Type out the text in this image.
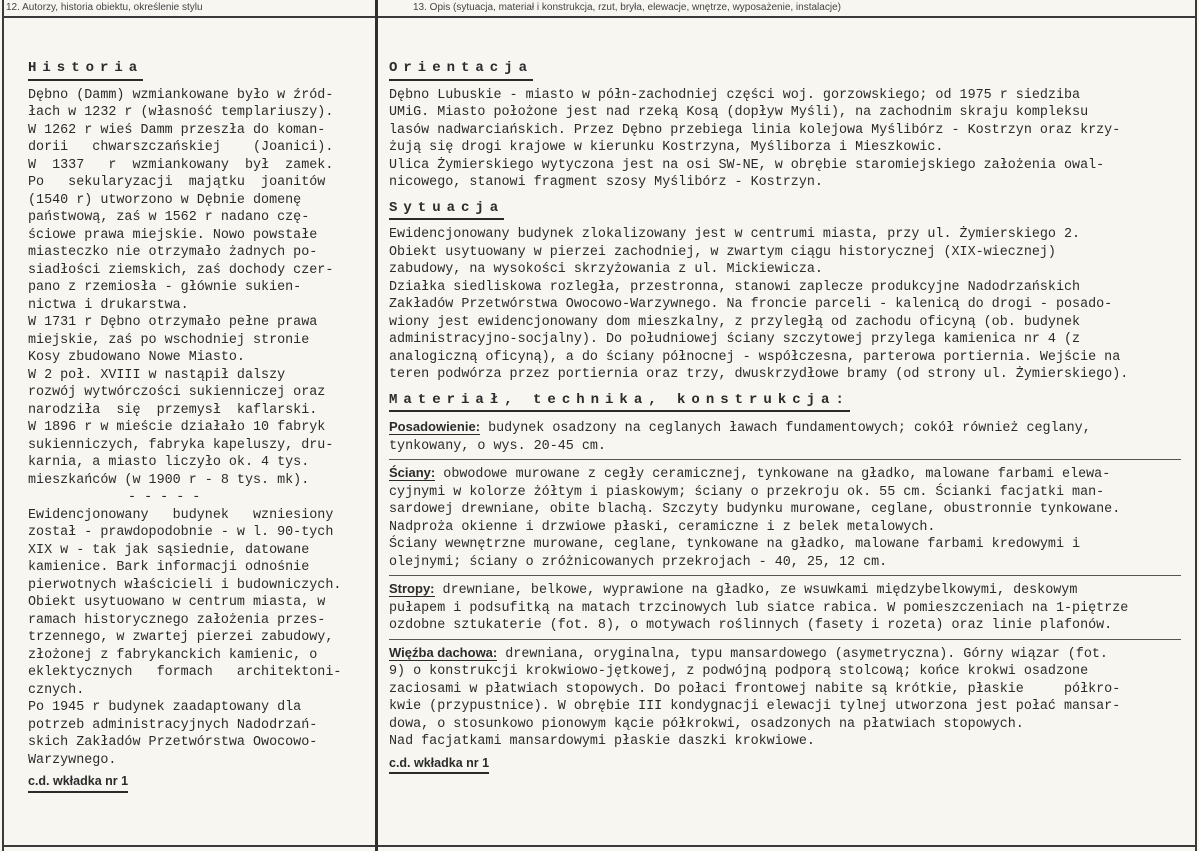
12. Autorzy, historia obiektu, określenie stylu	13. Opis (sytuacja, materiał i konstrukcja, rzut, bryła, elewacje, wnętrze, wyposażenie, instalacje)
Historia
Dębno (Damm) wzmiankowane było w źród-
łach w 1232 r (własność templariuszy).
W 1262 r wieś Damm przeszła do koman-
dorii   chwarszczańskiej    (Joanici).
W  1337   r  wzmiankowany  był  zamek.
Po   sekularyzacji  majątku  joanitów
(1540 r) utworzono w Dębnie domenę
państwową, zaś w 1562 r nadano czę-
ściowe prawa miejskie. Nowo powstałe
miasteczko nie otrzymało żadnych po-
siadłości ziemskich, zaś dochody czer-
pano z rzemiosła - głównie sukien-
nictwa i drukarstwa.
W 1731 r Dębno otrzymało pełne prawa
miejskie, zaś po wschodniej stronie
Kosy zbudowano Nowe Miasto.
W 2 poł. XVIII w nastąpił dalszy
rozwój wytwórczości sukienniczej oraz
narodziła  się  przemysł  kaflarski.
W 1896 r w mieście działało 10 fabryk
sukienniczych, fabryka kapeluszy, dru-
karnia, a miasto liczyło ok. 4 tys.
mieszkańców (w 1900 r - 8 tys. mk).
- - - - -
Ewidencjonowany   budynek   wzniesiony
został - prawdopodobnie - w l. 90-tych
XIX w - tak jak sąsiednie, datowane
kamienice. Bark informacji odnośnie
pierwotnych właścicieli i budowniczych.
Obiekt usytuowano w centrum miasta, w
ramach historycznego założenia przes-
trzennego, w zwartej pierzei zabudowy,
złożonej z fabrykanckich kamienic, o
eklektycznych   formach   architektoni-
cznych.
Po 1945 r budynek zaadaptowany dla
potrzeb administracyjnych Nadodrzań-
skich Zakładów Przetwórstwa Owocowo-
Warzywnego.
c.d. wkładka nr 1
Orientacja
Dębno Lubuskie - miasto w półn-zachodniej części woj. gorzowskiego; od 1975 r siedziba
UMiG. Miasto położone jest nad rzeką Kosą (dopływ Myśli), na zachodnim skraju kompleksu
lasów nadwarciańskich. Przez Dębno przebiega linia kolejowa Myślibórz - Kostrzyn oraz krzy-
żują się drogi krajowe w kierunku Kostrzyna, Myśliborza i Mieszkowic.
Ulica Żymierskiego wytyczona jest na osi SW-NE, w obrębie staromiejskiego założenia owal-
nicowego, stanowi fragment szosy Myślibórz - Kostrzyn.
Sytuacja
Ewidencjonowany budynek zlokalizowany jest w centrumi miasta, przy ul. Żymierskiego 2.
Obiekt usytuowany w pierzei zachodniej, w zwartym ciągu historycznej (XIX-wiecznej)
zabudowy, na wysokości skrzyżowania z ul. Mickiewicza.
Działka siedliskowa rozległa, przestronna, stanowi zaplecze produkcyjne Nadodrzańskich
Zakładów Przetwórstwa Owocowo-Warzywnego. Na froncie parceli - kalenicą do drogi - posado-
wiony jest ewidencjonowany dom mieszkalny, z przyległą od zachodu oficyną (ob. budynek
administracyjno-socjalny). Do południowej ściany szczytowej przylega kamienica nr 4 (z
analogiczną oficyną), a do ściany północnej - współczesna, parterowa portiernia. Wejście na
teren podwórza przez portiernia oraz trzy, dwuskrzydłowe bramy (od strony ul. Żymierskiego).
Materiał, technika, konstrukcja:
Posadowienie: budynek osadzony na ceglanych ławach fundamentowych; cokół również ceglany,
tynkowany, o wys. 20-45 cm.
Ściany: obwodowe murowane z cegły ceramicznej, tynkowane na gładko, malowane farbami elewa-
cyjnymi w kolorze żółtym i piaskowym; ściany o przekroju ok. 55 cm. Ścianki facjatki man-
sardowej drewniane, obite blachą. Szczyty budynku murowane, ceglane, obustronnie tynkowane.
Nadproża okienne i drzwiowe płaski, ceramiczne i z belek metalowych.
Ściany wewnętrzne murowane, ceglane, tynkowane na gładko, malowane farbami kredowymi i
olejnymi; ściany o zróżnicowanych przekrojach - 40, 25, 12 cm.
Stropy: drewniane, belkowe, wyprawione na gładko, ze wsuwkami międzybelkowymi, deskowym
pułapem i podsufitką na matach trzcinowych lub siatce rabica. W pomieszczeniach na 1-piętrze
ozdobne sztukaterie (fot. 8), o motywach roślinnych (fasety i rozeta) oraz linie plafonów.
Więźba dachowa: drewniana, oryginalna, typu mansardowego (asymetryczna). Górny wiązar (fot.
9) o konstrukcji krokwiowo-jętkowej, z podwójną podporą stolcową; końce krokwi osadzone
zaciosami w płatwiach stopowych. Do połaci frontowej nabite są krótkie, płaskie     półkro-
kwie (przypustnice). W obrębie III kondygnacji elewacji tylnej utworzona jest połać mansar-
dowa, o stosunkowo pionowym kącie półkrokwi, osadzonych na płatwiach stopowych.
Nad facjatkami mansardowymi płaskie daszki krokwiowe.
c.d. wkładka nr 1
